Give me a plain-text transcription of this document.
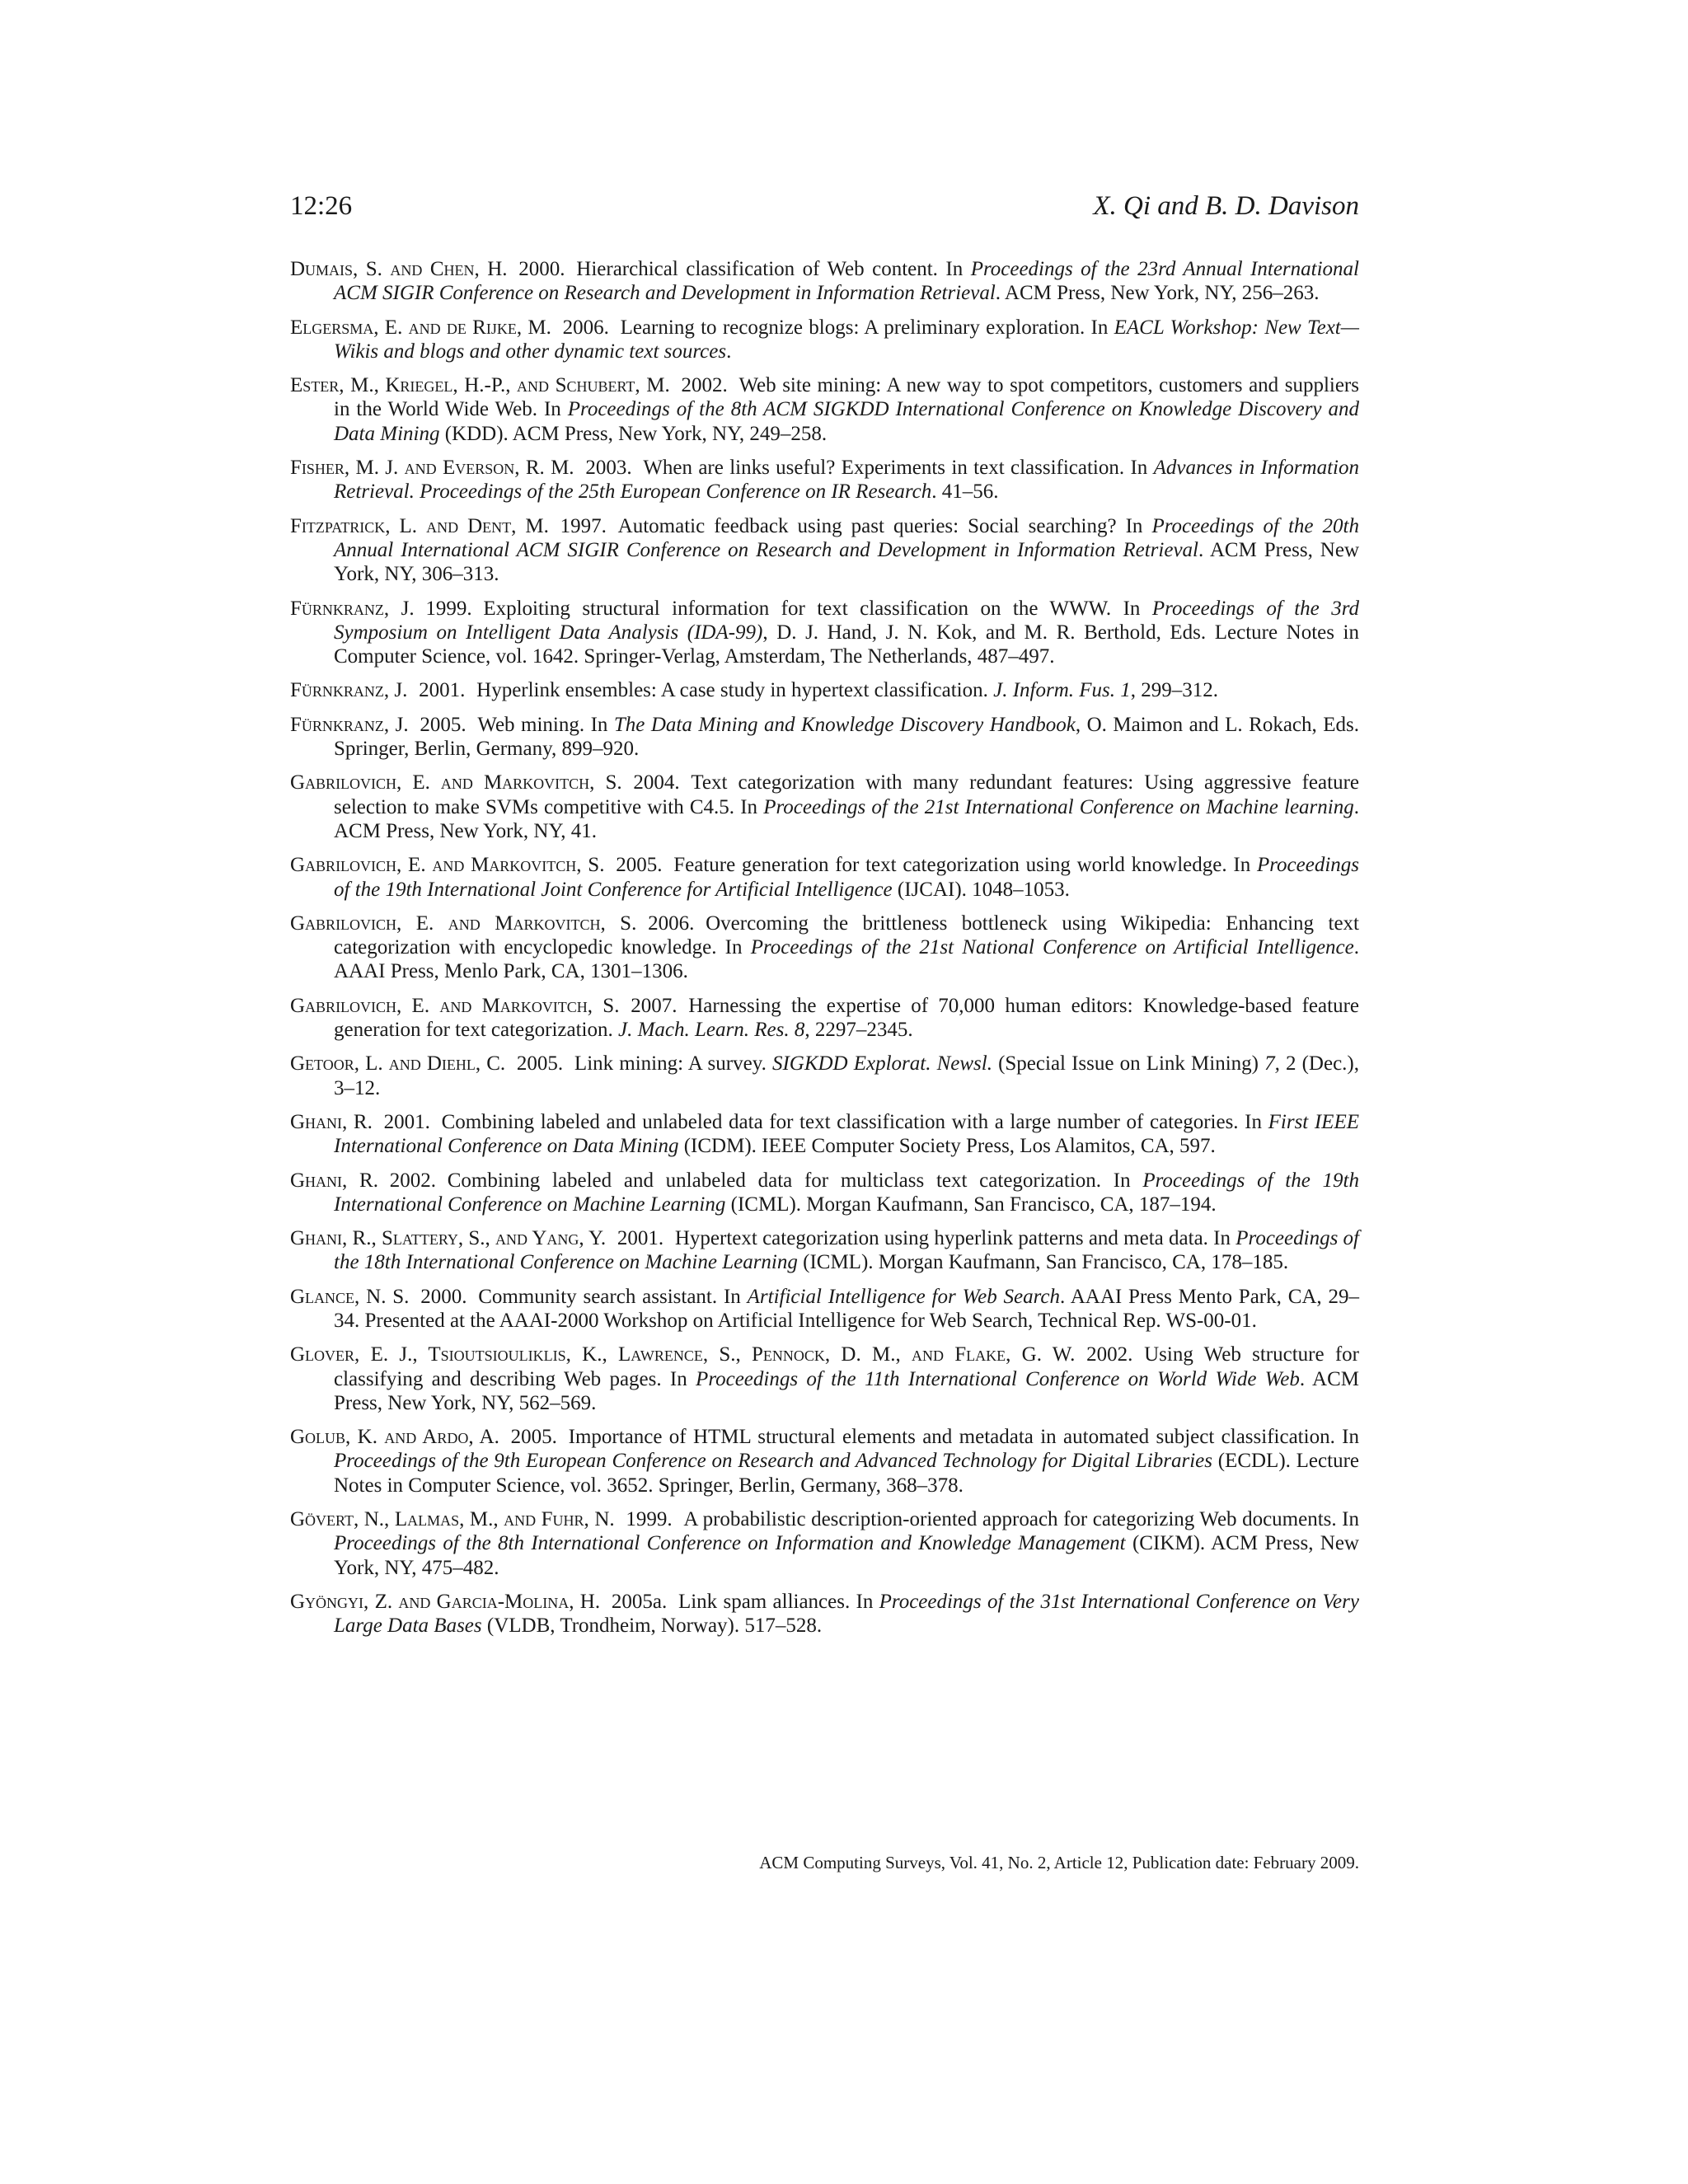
12:26	X. Qi and B. D. Davison
Dumais, S. and Chen, H. 2000. Hierarchical classification of Web content. In Proceedings of the 23rd Annual International ACM SIGIR Conference on Research and Development in Information Retrieval. ACM Press, New York, NY, 256–263.
Elgersma, E. and de Rijke, M. 2006. Learning to recognize blogs: A preliminary exploration. In EACL Workshop: New Text—Wikis and blogs and other dynamic text sources.
Ester, M., Kriegel, H.-P., and Schubert, M. 2002. Web site mining: A new way to spot competitors, customers and suppliers in the World Wide Web. In Proceedings of the 8th ACM SIGKDD International Conference on Knowledge Discovery and Data Mining (KDD). ACM Press, New York, NY, 249–258.
Fisher, M. J. and Everson, R. M. 2003. When are links useful? Experiments in text classification. In Advances in Information Retrieval. Proceedings of the 25th European Conference on IR Research. 41–56.
Fitzpatrick, L. and Dent, M. 1997. Automatic feedback using past queries: Social searching? In Proceedings of the 20th Annual International ACM SIGIR Conference on Research and Development in Information Retrieval. ACM Press, New York, NY, 306–313.
Fürnkranz, J. 1999. Exploiting structural information for text classification on the WWW. In Proceedings of the 3rd Symposium on Intelligent Data Analysis (IDA-99), D. J. Hand, J. N. Kok, and M. R. Berthold, Eds. Lecture Notes in Computer Science, vol. 1642. Springer-Verlag, Amsterdam, The Netherlands, 487–497.
Fürnkranz, J. 2001. Hyperlink ensembles: A case study in hypertext classification. J. Inform. Fus. 1, 299–312.
Fürnkranz, J. 2005. Web mining. In The Data Mining and Knowledge Discovery Handbook, O. Maimon and L. Rokach, Eds. Springer, Berlin, Germany, 899–920.
Gabrilovich, E. and Markovitch, S. 2004. Text categorization with many redundant features: Using aggressive feature selection to make SVMs competitive with C4.5. In Proceedings of the 21st International Conference on Machine learning. ACM Press, New York, NY, 41.
Gabrilovich, E. and Markovitch, S. 2005. Feature generation for text categorization using world knowledge. In Proceedings of the 19th International Joint Conference for Artificial Intelligence (IJCAI). 1048–1053.
Gabrilovich, E. and Markovitch, S. 2006. Overcoming the brittleness bottleneck using Wikipedia: Enhancing text categorization with encyclopedic knowledge. In Proceedings of the 21st National Conference on Artificial Intelligence. AAAI Press, Menlo Park, CA, 1301–1306.
Gabrilovich, E. and Markovitch, S. 2007. Harnessing the expertise of 70,000 human editors: Knowledge-based feature generation for text categorization. J. Mach. Learn. Res. 8, 2297–2345.
Getoor, L. and Diehl, C. 2005. Link mining: A survey. SIGKDD Explorat. Newsl. (Special Issue on Link Mining) 7, 2 (Dec.), 3–12.
Ghani, R. 2001. Combining labeled and unlabeled data for text classification with a large number of categories. In First IEEE International Conference on Data Mining (ICDM). IEEE Computer Society Press, Los Alamitos, CA, 597.
Ghani, R. 2002. Combining labeled and unlabeled data for multiclass text categorization. In Proceedings of the 19th International Conference on Machine Learning (ICML). Morgan Kaufmann, San Francisco, CA, 187–194.
Ghani, R., Slattery, S., and Yang, Y. 2001. Hypertext categorization using hyperlink patterns and meta data. In Proceedings of the 18th International Conference on Machine Learning (ICML). Morgan Kaufmann, San Francisco, CA, 178–185.
Glance, N. S. 2000. Community search assistant. In Artificial Intelligence for Web Search. AAAI Press Mento Park, CA, 29–34. Presented at the AAAI-2000 Workshop on Artificial Intelligence for Web Search, Technical Rep. WS-00-01.
Glover, E. J., Tsioutsiouliklis, K., Lawrence, S., Pennock, D. M., and Flake, G. W. 2002. Using Web structure for classifying and describing Web pages. In Proceedings of the 11th International Conference on World Wide Web. ACM Press, New York, NY, 562–569.
Golub, K. and Ardo, A. 2005. Importance of HTML structural elements and metadata in automated subject classification. In Proceedings of the 9th European Conference on Research and Advanced Technology for Digital Libraries (ECDL). Lecture Notes in Computer Science, vol. 3652. Springer, Berlin, Germany, 368–378.
Gövert, N., Lalmas, M., and Fuhr, N. 1999. A probabilistic description-oriented approach for categorizing Web documents. In Proceedings of the 8th International Conference on Information and Knowledge Management (CIKM). ACM Press, New York, NY, 475–482.
Gyöngyi, Z. and Garcia-Molina, H. 2005a. Link spam alliances. In Proceedings of the 31st International Conference on Very Large Data Bases (VLDB, Trondheim, Norway). 517–528.
ACM Computing Surveys, Vol. 41, No. 2, Article 12, Publication date: February 2009.
